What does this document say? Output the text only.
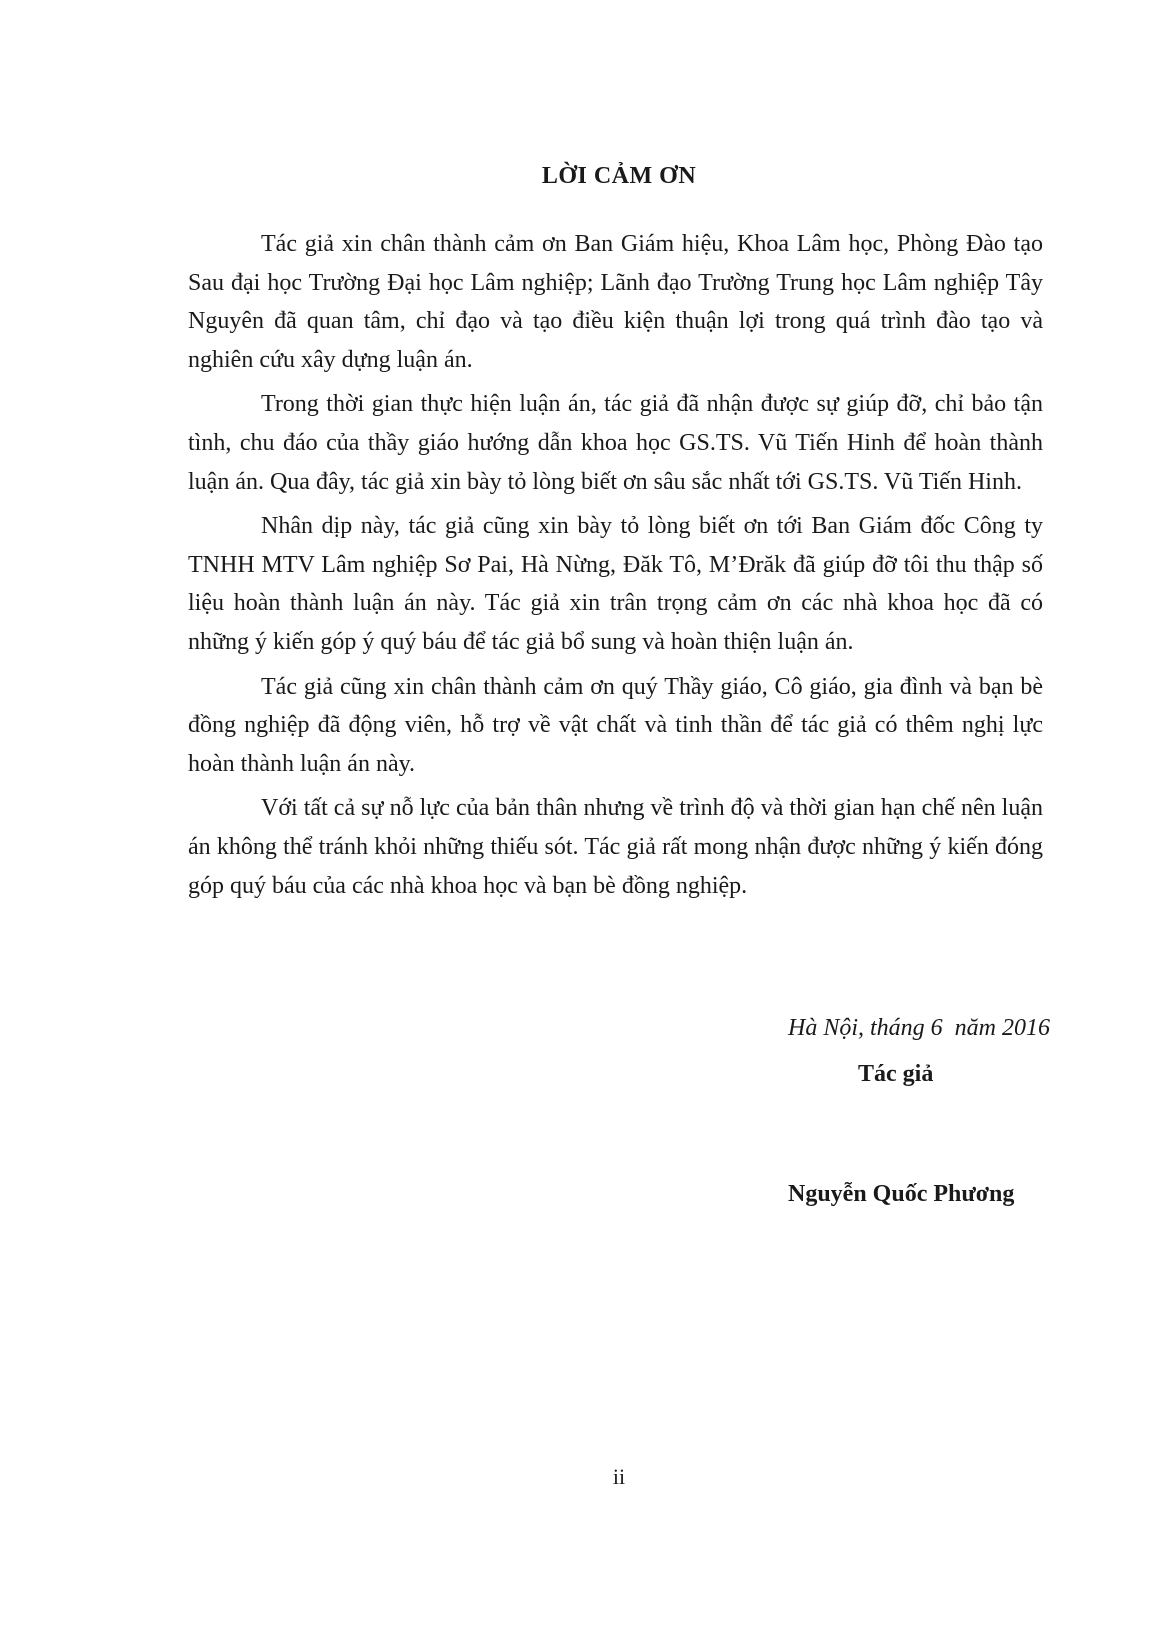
LỜI CẢM ƠN

Tác giả xin chân thành cảm ơn Ban Giám hiệu, Khoa Lâm học, Phòng Đào tạo Sau đại học Trường Đại học Lâm nghiệp; Lãnh đạo Trường Trung học Lâm nghiệp Tây Nguyên đã quan tâm, chỉ đạo và tạo điều kiện thuận lợi trong quá trình đào tạo và nghiên cứu xây dựng luận án.

Trong thời gian thực hiện luận án, tác giả đã nhận được sự giúp đỡ, chỉ bảo tận tình, chu đáo của thầy giáo hướng dẫn khoa học GS.TS. Vũ Tiến Hinh để hoàn thành luận án. Qua đây, tác giả xin bày tỏ lòng biết ơn sâu sắc nhất tới GS.TS. Vũ Tiến Hinh.

Nhân dịp này, tác giả cũng xin bày tỏ lòng biết ơn tới Ban Giám đốc Công ty TNHH MTV Lâm nghiệp Sơ Pai, Hà Nừng, Đăk Tô, M’Đrăk đã giúp đỡ tôi thu thập số liệu hoàn thành luận án này. Tác giả xin trân trọng cảm ơn các nhà khoa học đã có những ý kiến góp ý quý báu để tác giả bổ sung và hoàn thiện luận án.

Tác giả cũng xin chân thành cảm ơn quý Thầy giáo, Cô giáo, gia đình và bạn bè đồng nghiệp đã động viên, hỗ trợ về vật chất và tinh thần để tác giả có thêm nghị lực hoàn thành luận án này.

Với tất cả sự nỗ lực của bản thân nhưng về trình độ và thời gian hạn chế nên luận án không thể tránh khỏi những thiếu sót. Tác giả rất mong nhận được những ý kiến đóng góp quý báu của các nhà khoa học và bạn bè đồng nghiệp.

Hà Nội, tháng 6  năm 2016
Tác giả
Nguyễn Quốc Phương
ii
